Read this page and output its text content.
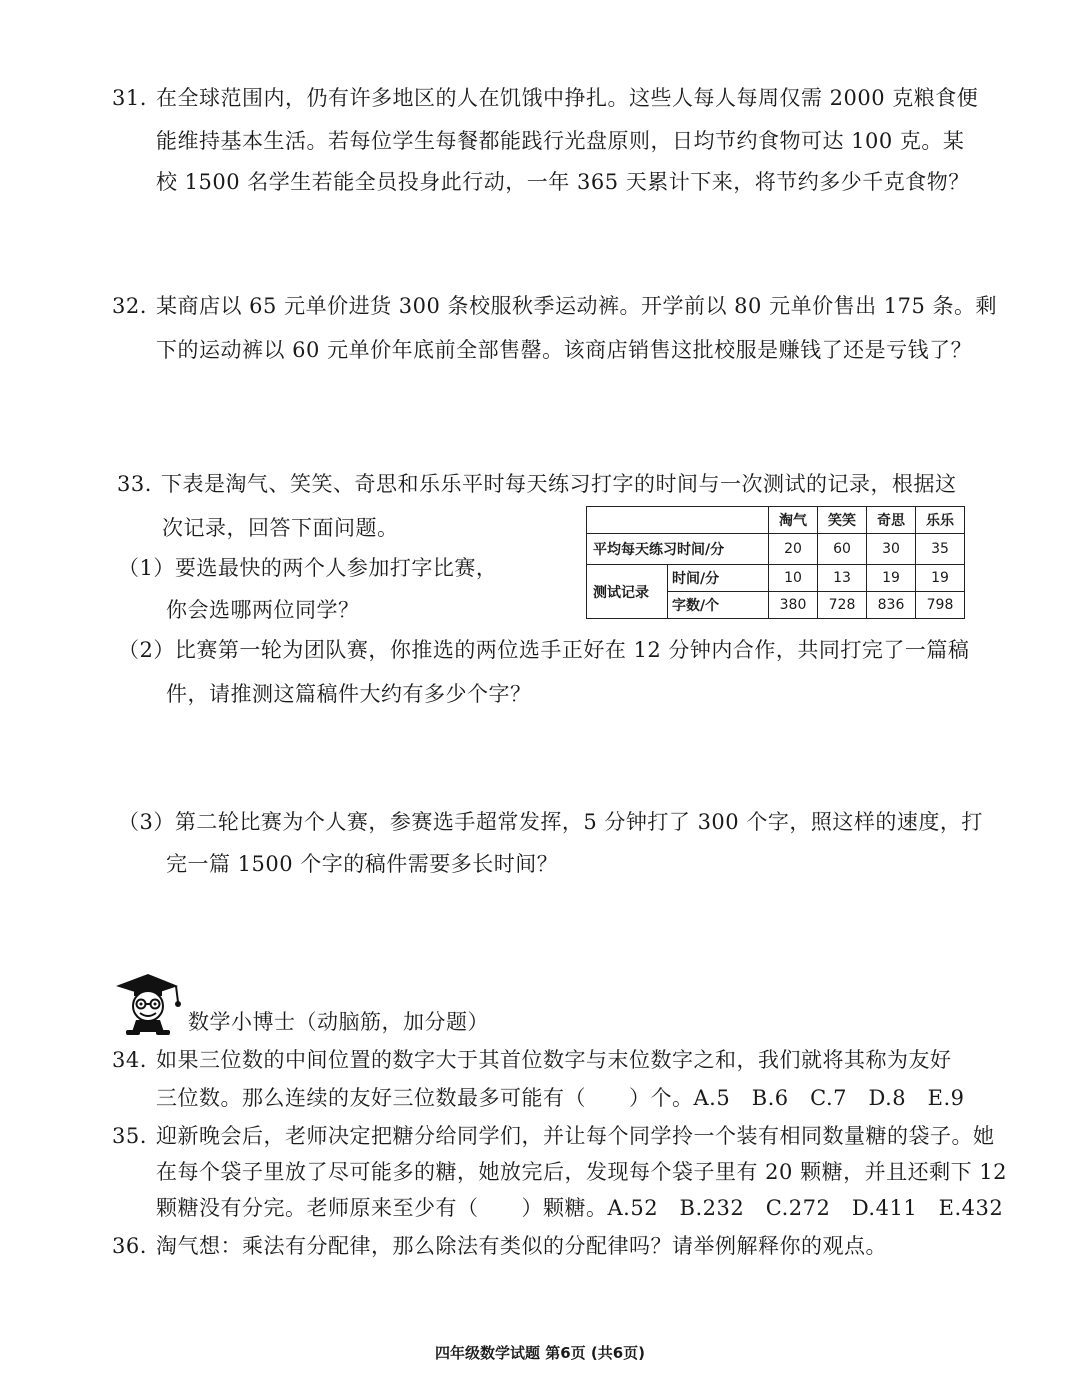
31. 在全球范围内，仍有许多地区的人在饥饿中挣扎。这些人每人每周仅需 2000 克粮食便
能维持基本生活。若每位学生每餐都能践行光盘原则，日均节约食物可达 100 克。某
校 1500 名学生若能全员投身此行动，一年 365 天累计下来，将节约多少千克食物？
32. 某商店以 65 元单价进货 300 条校服秋季运动裤。开学前以 80 元单价售出 175 条。剩
下的运动裤以 60 元单价年底前全部售罄。该商店销售这批校服是赚钱了还是亏钱了？
33. 下表是淘气、笑笑、奇思和乐乐平时每天练习打字的时间与一次测试的记录，根据这
次记录，回答下面问题。
（1）要选最快的两个人参加打字比赛，
你会选哪两位同学？
（2）比赛第一轮为团队赛，你推选的两位选手正好在 12 分钟内合作，共同打完了一篇稿
件，请推测这篇稿件大约有多少个字？
（3）第二轮比赛为个人赛，参赛选手超常发挥，5 分钟打了 300 个字，照这样的速度，打
完一篇 1500 个字的稿件需要多长时间？
		淘气	笑笑	奇思	乐乐
平均每天练习时间/分		20	60	30	35
测试记录	时间/分	10	13	19	19
	字数/个	380	728	836	798
数学小博士（动脑筋，加分题）
34. 如果三位数的中间位置的数字大于其首位数字与末位数字之和，我们就将其称为友好
三位数。那么连续的友好三位数最多可能有（　　）个。A.5　B.6　C.7　D.8　E.9
35. 迎新晚会后，老师决定把糖分给同学们，并让每个同学拎一个装有相同数量糖的袋子。她
在每个袋子里放了尽可能多的糖，她放完后，发现每个袋子里有 20 颗糖，并且还剩下 12
颗糖没有分完。老师原来至少有（　　）颗糖。A.52　B.232　C.272　D.411　E.432
36. 淘气想：乘法有分配律，那么除法有类似的分配律吗？请举例解释你的观点。
四年级数学试题 第6页 (共6页)
